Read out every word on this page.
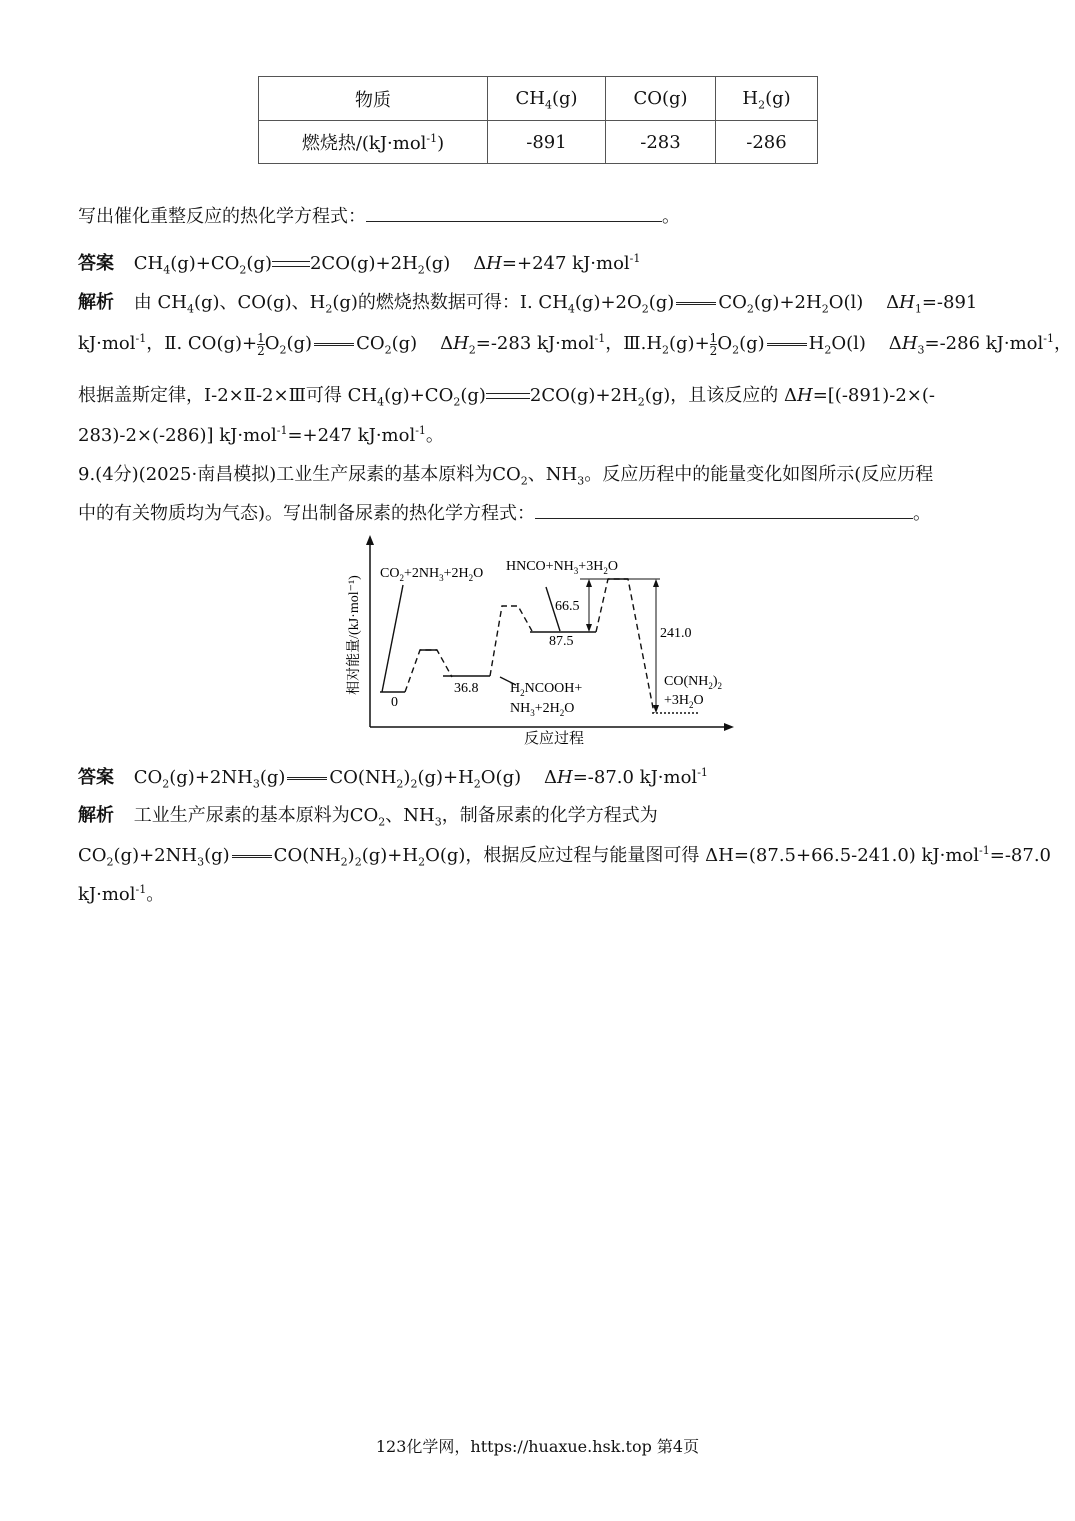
物质	$CH_4(g)$	CO(g)	$H_2(g)$
燃烧热/(kJ·mol$^{-1}$)	-891	-283	-286
写出催化重整反应的热化学方程式：	。
答案 $CH_4(g)+CO_2(g)$ $2CO(g)+2H_2(g)$    ΔH=+247 kJ·mol$^{-1}$
解析 由 $CH_4(g)$、CO(g)、$H_2(g)$的燃烧热数据可得：Ⅰ. $CH_4(g)+2O_2(g)$ $CO_2(g)+2H_2O(l)$    $\Delta H_1=-891$
kJ·mol$^{-1}$，Ⅱ. $CO(g)+ \frac{1}{2} O_2(g)$ $CO_2(g)$    $\Delta H_2=-283$ kJ·mol$^{-1}$，$Ⅲ.H_2(g)+ \frac{1}{2} O_2(g)$ $H_2O(l)$    $\Delta H_3=-286$ kJ·mol$^{-1}$，
根据盖斯定律，Ⅰ-2×Ⅱ-2×Ⅲ可得 $CH_4(g)+CO_2(g)$ $2CO(g)+2H_2(g)$，且该反应的 ΔH=[(-891)-2×(-
283)-2×(-286)] kJ·mol$^{-1}$=+247 kJ·mol$^{-1}$。
9.(4分)(2025·南昌模拟)工业生产尿素的基本原料为$CO_2$、$NH_3$。反应历程中的能量变化如图所示(反应历程
中的有关物质均为气态)。写出制备尿素的热化学方程式：	。
相对能量/(kJ·mol⁻¹)
反应过程
$CO_2+2NH_3+2H_2O$ $HNCO+NH_3+3H_2O$
0
36.8
87.5
66.5
241.0
$H_2NCOOH+$
$NH_3+2H_2O$
$CO(NH_2)_2$
$+3H_2O$
答案 $CO_2(g)+2NH_3(g)$ $CO(NH_2)_2(g)+H_2O(g)$    ΔH=-87.0 kJ·mol$^{-1}$
解析 工业生产尿素的基本原料为$CO_2$、$NH_3$，制备尿素的化学方程式为
$CO_2(g)+2NH_3(g)$ $CO(NH_2)_2(g)+H_2O(g)$，根据反应过程与能量图可得 ΔH=(87.5+66.5-241.0) kJ·mol$^{-1}$=-87.0
kJ·mol$^{-1}$。
123化学网，https://huaxue.hsk.top 第4页
